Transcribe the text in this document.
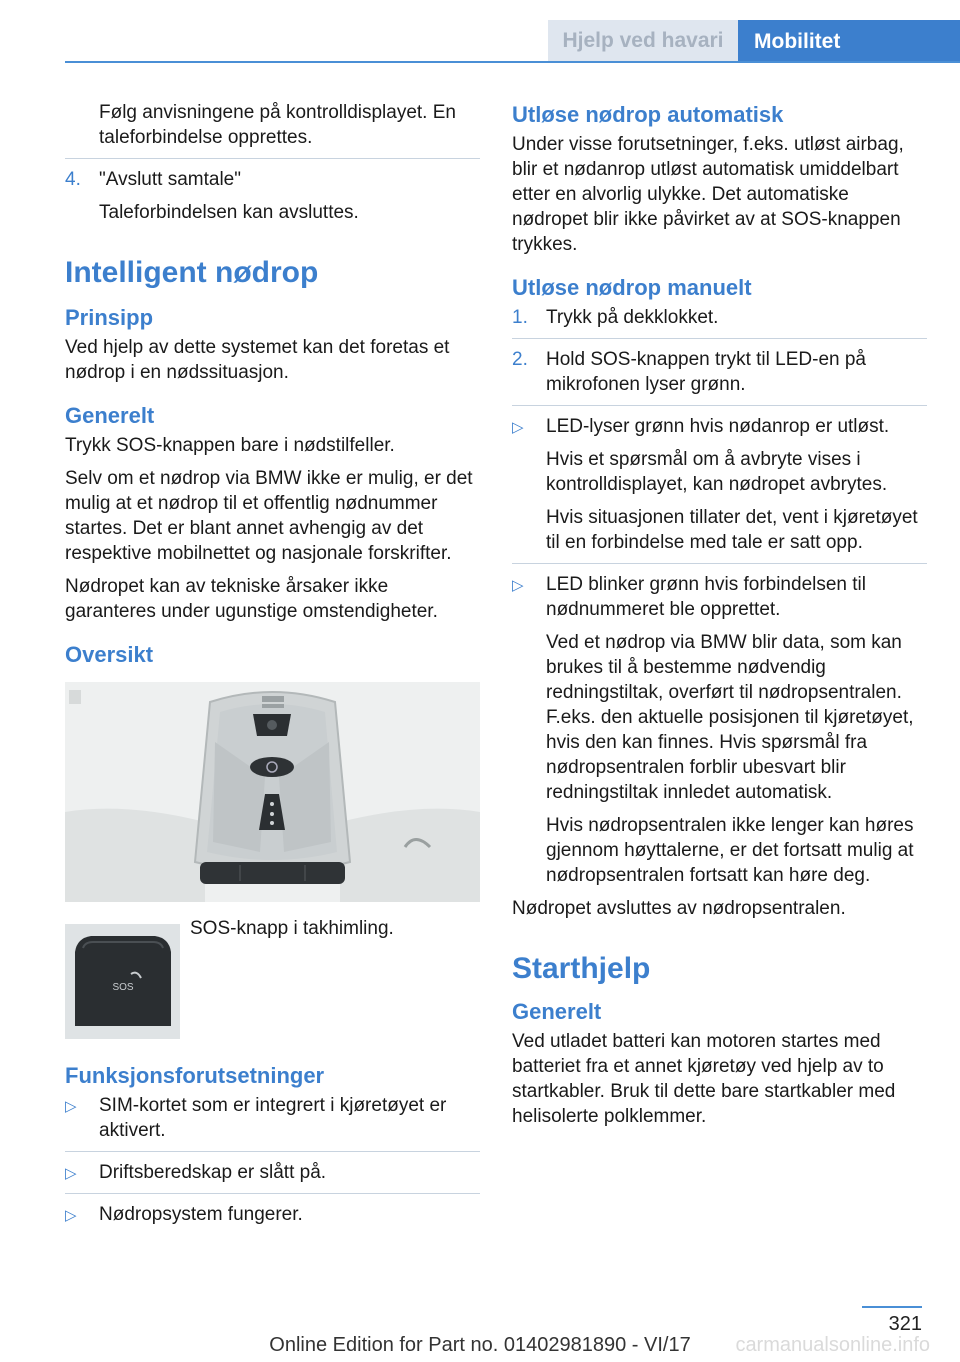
Hjelp ved havari	Mobilitet

Følg anvisningene på kontrolldisplayet. En taleforbindelse opprettes.

4. "Avslutt samtale"

Taleforbindelsen kan avsluttes.

Intelligent nødrop
Prinsipp

Ved hjelp av dette systemet kan det foretas et nødrop i en nødssituasjon.

Generelt

Trykk SOS-knappen bare i nødstilfeller.

Selv om et nødrop via BMW ikke er mulig, er det mulig at et nødrop til et offentlig nødnummer startes. Det er blant annet avhengig av det respektive mobilnettet og nasjonale forskrifter.

Nødropet kan av tekniske årsaker ikke garanteres under ugunstige omstendigheter.

Oversikt
SOS

SOS-knapp i takhimling.

Funksjonsforutsetninger
▷ SIM-kortet som er integrert i kjøretøyet er aktivert.
▷ Driftsberedskap er slått på.
▷ Nødropsystem fungerer.
Utløse nødrop automatisk

Under visse forutsetninger, f.eks. utløst airbag, blir et nødanrop utløst automatisk umiddelbart etter en alvorlig ulykke. Det automatiske nødropet blir ikke påvirket av at SOS-knappen trykkes.

Utløse nødrop manuelt
1. Trykk på dekklokket.
2. Hold SOS-knappen trykt til LED-en på mikrofonen lyser grønn.
▷ LED-lyser grønn hvis nødanrop er utløst.

Hvis et spørsmål om å avbryte vises i kontrolldisplayet, kan nødropet avbrytes.

Hvis situasjonen tillater det, vent i kjøretøyet til en forbindelse med tale er satt opp.

▷ LED blinker grønn hvis forbindelsen til nødnummeret ble opprettet.

Ved et nødrop via BMW blir data, som kan brukes til å bestemme nødvendig redningstiltak, overført til nødropsentralen. F.eks. den aktuelle posisjonen til kjøretøyet, hvis den kan finnes. Hvis spørsmål fra nødropsentralen forblir ubesvart blir redningstiltak innledet automatisk.

Hvis nødropsentralen ikke lenger kan høres gjennom høyttalerne, er det fortsatt mulig at nødropsentralen fortsatt kan høre deg.

Nødropet avsluttes av nødropsentralen.

Starthjelp
Generelt

Ved utladet batteri kan motoren startes med batteriet fra et annet kjøretøy ved hjelp av to startkabler. Bruk til dette bare startkabler med helisolerte polklemmer.

321
carmanualsonline.info
Online Edition for Part no. 01402981890 - VI/17
